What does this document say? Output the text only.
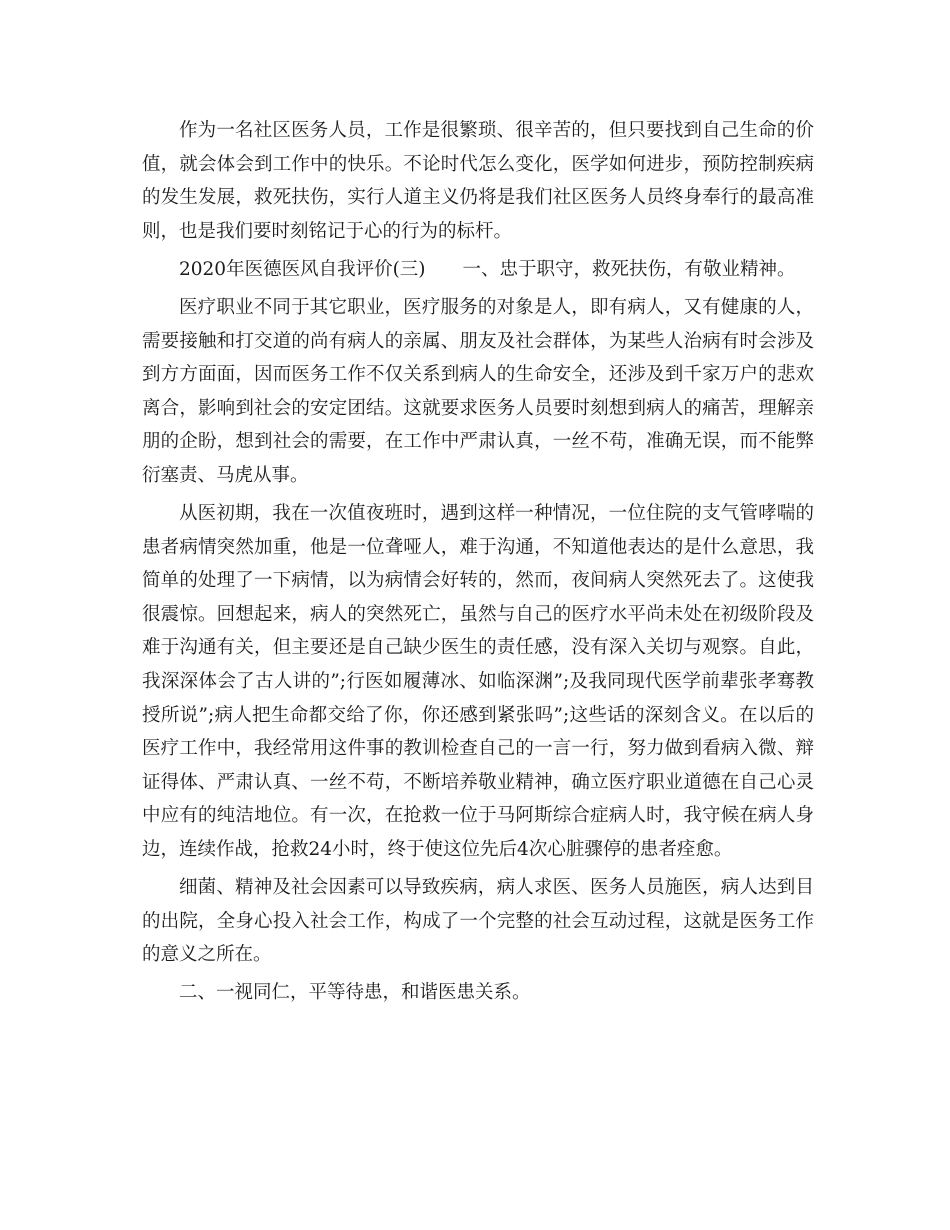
作为一名社区医务人员，工作是很繁琐、很辛苦的，但只要找到自己生命的价值，就会体会到工作中的快乐。不论时代怎么变化，医学如何进步，预防控制疾病的发生发展，救死扶伤，实行人道主义仍将是我们社区医务人员终身奉行的最高准则，也是我们要时刻铭记于心的行为的标杆。

2020年医德医风自我评价(三)　　一、忠于职守，救死扶伤，有敬业精神。

医疗职业不同于其它职业，医疗服务的对象是人，即有病人，又有健康的人，需要接触和打交道的尚有病人的亲属、朋友及社会群体，为某些人治病有时会涉及到方方面面，因而医务工作不仅关系到病人的生命安全，还涉及到千家万户的悲欢离合，影响到社会的安定团结。这就要求医务人员要时刻想到病人的痛苦，理解亲朋的企盼，想到社会的需要，在工作中严肃认真，一丝不苟，准确无误，而不能弊衍塞责、马虎从事。

从医初期，我在一次值夜班时，遇到这样一种情况，一位住院的支气管哮喘的患者病情突然加重，他是一位聋哑人，难于沟通，不知道他表达的是什么意思，我简单的处理了一下病情，以为病情会好转的，然而，夜间病人突然死去了。这使我很震惊。回想起来，病人的突然死亡，虽然与自己的医疗水平尚未处在初级阶段及难于沟通有关，但主要还是自己缺少医生的责任感，没有深入关切与观察。自此，我深深体会了古人讲的”;行医如履薄冰、如临深渊”;及我同现代医学前辈张孝骞教授所说”;病人把生命都交给了你，你还感到紧张吗”;这些话的深刻含义。在以后的医疗工作中，我经常用这件事的教训检查自己的一言一行，努力做到看病入微、辩证得体、严肃认真、一丝不苟，不断培养敬业精神，确立医疗职业道德在自己心灵中应有的纯洁地位。有一次，在抢救一位于马阿斯综合症病人时，我守候在病人身边，连续作战，抢救24小时，终于使这位先后4次心脏骤停的患者痊愈。

细菌、精神及社会因素可以导致疾病，病人求医、医务人员施医，病人达到目的出院，全身心投入社会工作，构成了一个完整的社会互动过程，这就是医务工作的意义之所在。

二、一视同仁，平等待患，和谐医患关系。
